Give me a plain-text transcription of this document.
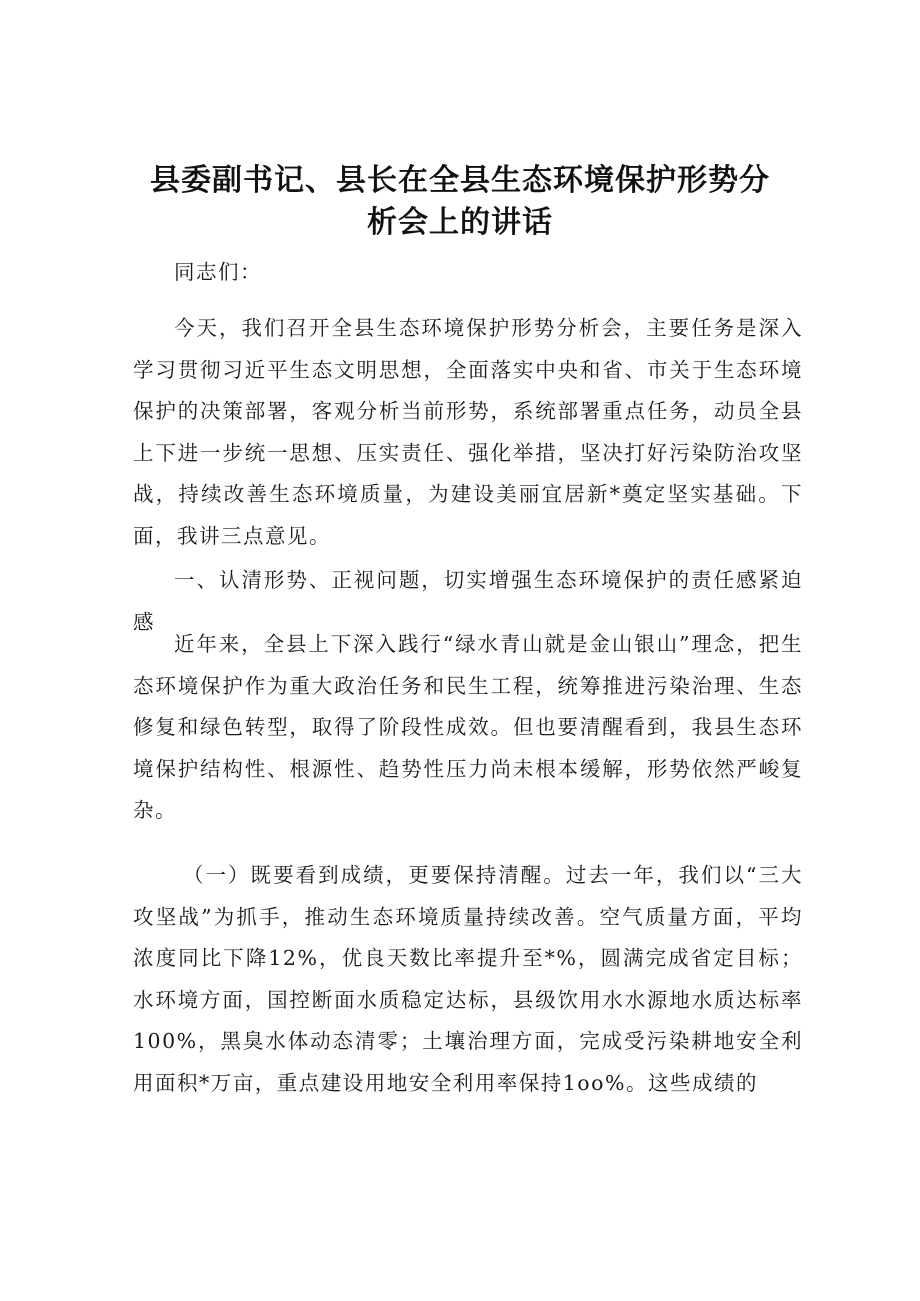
县委副书记、县长在全县生态环境保护形势分
析会上的讲话

同志们：

今天，我们召开全县生态环境保护形势分析会，主要任务是深入学习贯彻习近平生态文明思想，全面落实中央和省、市关于生态环境保护的决策部署，客观分析当前形势，系统部署重点任务，动员全县上下进一步统一思想、压实责任、强化举措，坚决打好污染防治攻坚战，持续改善生态环境质量，为建设美丽宜居新*奠定坚实基础。下面，我讲三点意见。

一、认清形势、正视问题，切实增强生态环境保护的责任感紧迫感

近年来，全县上下深入践行“绿水青山就是金山银山”理念，把生态环境保护作为重大政治任务和民生工程，统筹推进污染治理、生态修复和绿色转型，取得了阶段性成效。但也要清醒看到，我县生态环境保护结构性、根源性、趋势性压力尚未根本缓解，形势依然严峻复杂。

（一）既要看到成绩，更要保持清醒。过去一年，我们以“三大攻坚战”为抓手，推动生态环境质量持续改善。空气质量方面，平均浓度同比下降12%，优良天数比率提升至*%，圆满完成省定目标；水环境方面，国控断面水质稳定达标，县级饮用水水源地水质达标率100%，黑臭水体动态清零；土壤治理方面，完成受污染耕地安全利用面积*万亩，重点建设用地安全利用率保持1oo%。这些成绩的
